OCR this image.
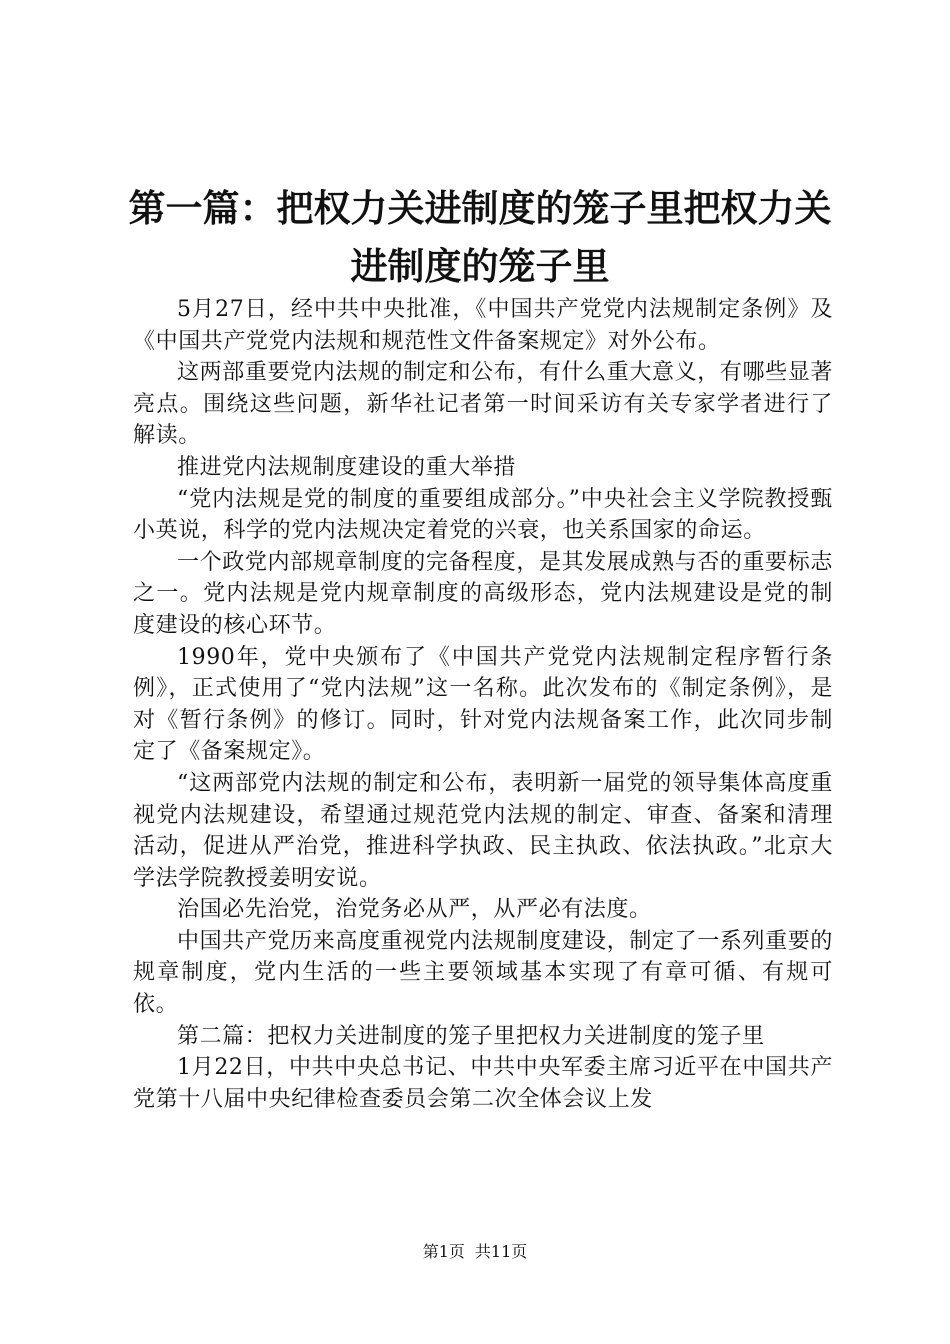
第一篇：把权力关进制度的笼子里把权力关进制度的笼子里

5月27日，经中共中央批准，《中国共产党党内法规制定条例》及《中国共产党党内法规和规范性文件备案规定》对外公布。

这两部重要党内法规的制定和公布，有什么重大意义，有哪些显著亮点。围绕这些问题，新华社记者第一时间采访有关专家学者进行了解读。

推进党内法规制度建设的重大举措

“党内法规是党的制度的重要组成部分。”中央社会主义学院教授甄小英说，科学的党内法规决定着党的兴衰，也关系国家的命运。

一个政党内部规章制度的完备程度，是其发展成熟与否的重要标志之一。党内法规是党内规章制度的高级形态，党内法规建设是党的制度建设的核心环节。

1990年，党中央颁布了《中国共产党党内法规制定程序暂行条例》，正式使用了“党内法规”这一名称。此次发布的《制定条例》，是对《暂行条例》的修订。同时，针对党内法规备案工作，此次同步制定了《备案规定》。

“这两部党内法规的制定和公布，表明新一届党的领导集体高度重视党内法规建设，希望通过规范党内法规的制定、审查、备案和清理活动，促进从严治党，推进科学执政、民主执政、依法执政。”北京大学法学院教授姜明安说。

治国必先治党，治党务必从严，从严必有法度。

中国共产党历来高度重视党内法规制度建设，制定了一系列重要的规章制度，党内生活的一些主要领域基本实现了有章可循、有规可依。

第二篇：把权力关进制度的笼子里把权力关进制度的笼子里

1月22日，中共中央总书记、中共中央军委主席习近平在中国共产党第十八届中央纪律检查委员会第二次全体会议上发

第1页 共11页
